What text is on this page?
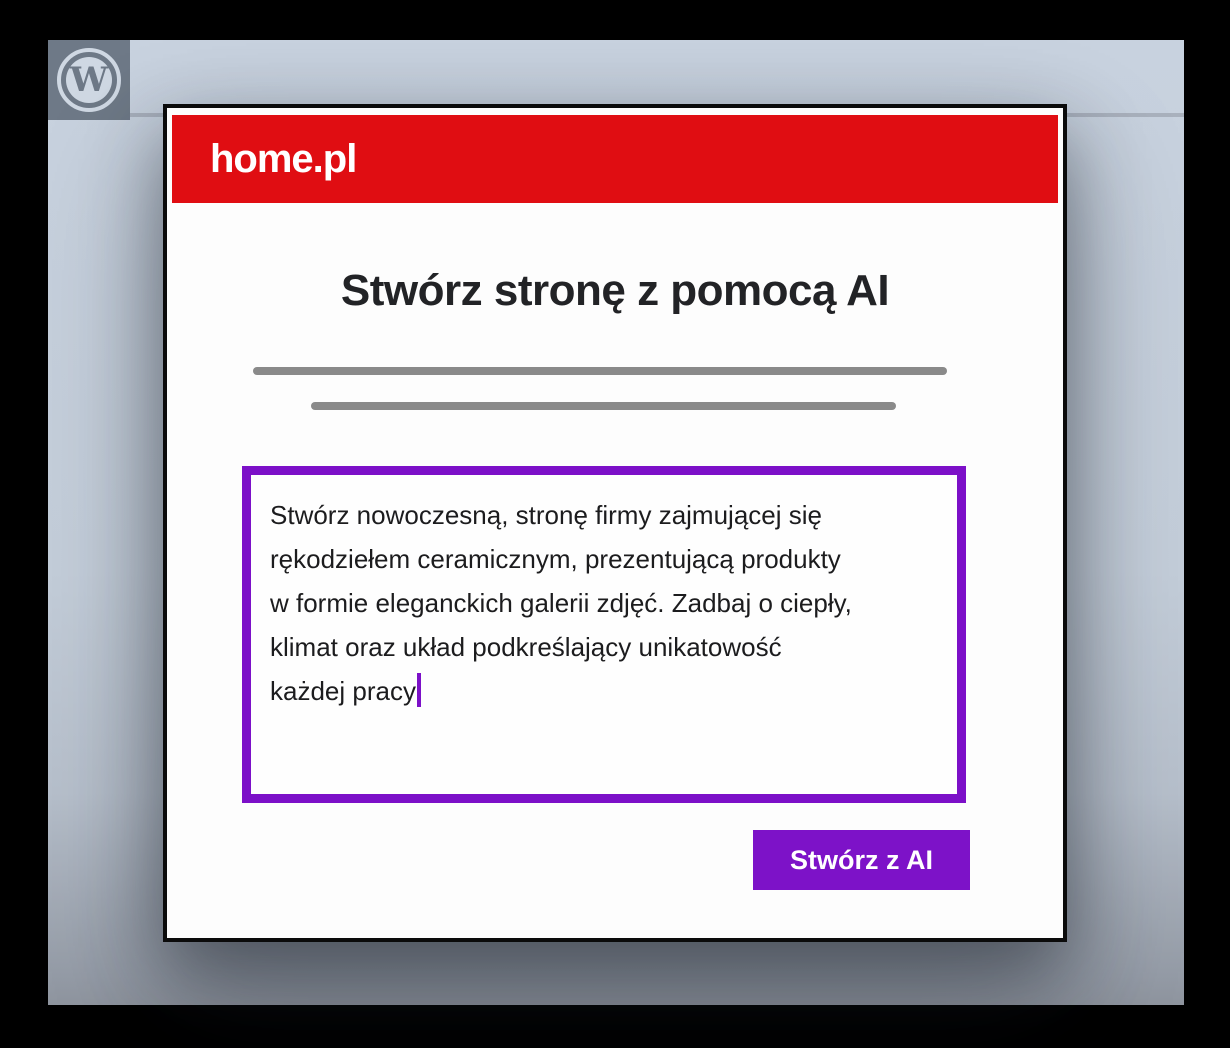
W
home.pl
Stwórz stronę z pomocą AI
Stwórz nowoczesną, stronę firmy zajmującej się
rękodziełem ceramicznym, prezentującą produkty
w formie eleganckich galerii zdjęć. Zadbaj o ciepły,
klimat oraz układ podkreślający unikatowość
każdej pracy
Stwórz z AI
